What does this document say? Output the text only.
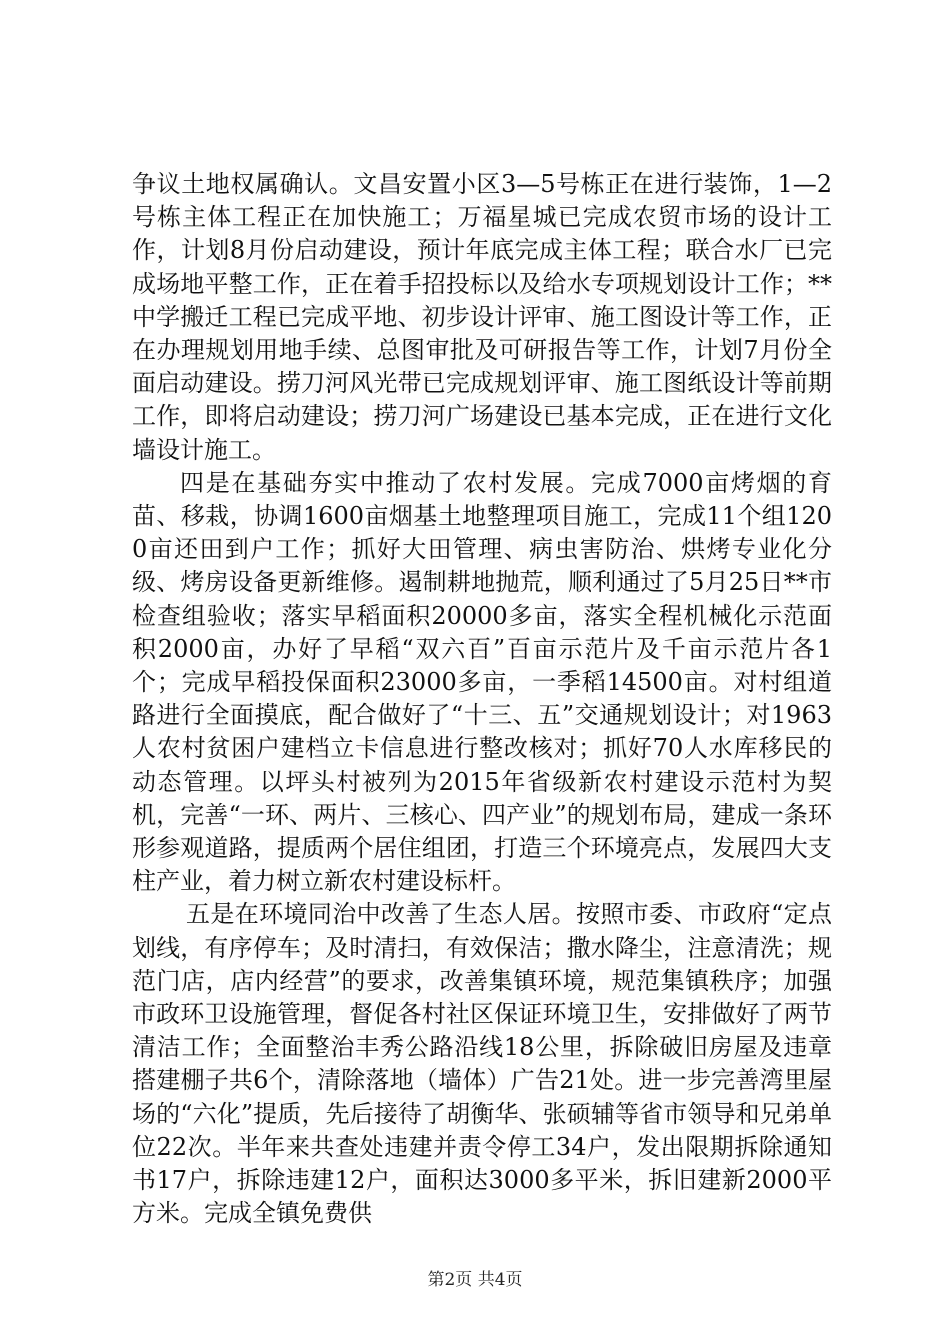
争议土地权属确认。文昌安置小区3—5号栋正在进行装饰，1—2号栋主体工程正在加快施工；万福星城已完成农贸市场的设计工作，计划8月份启动建设，预计年底完成主体工程；联合水厂已完成场地平整工作，正在着手招投标以及给水专项规划设计工作；**中学搬迁工程已完成平地、初步设计评审、施工图设计等工作，正在办理规划用地手续、总图审批及可研报告等工作，计划7月份全面启动建设。捞刀河风光带已完成规划评审、施工图纸设计等前期工作，即将启动建设；捞刀河广场建设已基本完成，正在进行文化墙设计施工。

四是在基础夯实中推动了农村发展。完成7000亩烤烟的育苗、移栽，协调1600亩烟基土地整理项目施工，完成11个组1200亩还田到户工作；抓好大田管理、病虫害防治、烘烤专业化分级、烤房设备更新维修。遏制耕地抛荒，顺利通过了5月25日**市检查组验收；落实早稻面积20000多亩，落实全程机械化示范面积2000亩，办好了早稻“双六百”百亩示范片及千亩示范片各1个；完成早稻投保面积23000多亩，一季稻14500亩。对村组道路进行全面摸底，配合做好了“十三、五”交通规划设计；对1963人农村贫困户建档立卡信息进行整改核对；抓好70人水库移民的动态管理。以坪头村被列为2015年省级新农村建设示范村为契机，完善“一环、两片、三核心、四产业”的规划布局，建成一条环形参观道路，提质两个居住组团，打造三个环境亮点，发展四大支柱产业，着力树立新农村建设标杆。

五是在环境同治中改善了生态人居。按照市委、市政府“定点划线，有序停车；及时清扫，有效保洁；撒水降尘，注意清洗；规范门店，店内经营”的要求，改善集镇环境，规范集镇秩序；加强市政环卫设施管理，督促各村社区保证环境卫生，安排做好了两节清洁工作；全面整治丰秀公路沿线18公里，拆除破旧房屋及违章搭建棚子共6个，清除落地（墙体）广告21处。进一步完善湾里屋场的“六化”提质，先后接待了胡衡华、张硕辅等省市领导和兄弟单位22次。半年来共查处违建并责令停工34户，发出限期拆除通知书17户，拆除违建12户，面积达3000多平米，拆旧建新2000平方米。完成全镇免费供

第2页 共4页
